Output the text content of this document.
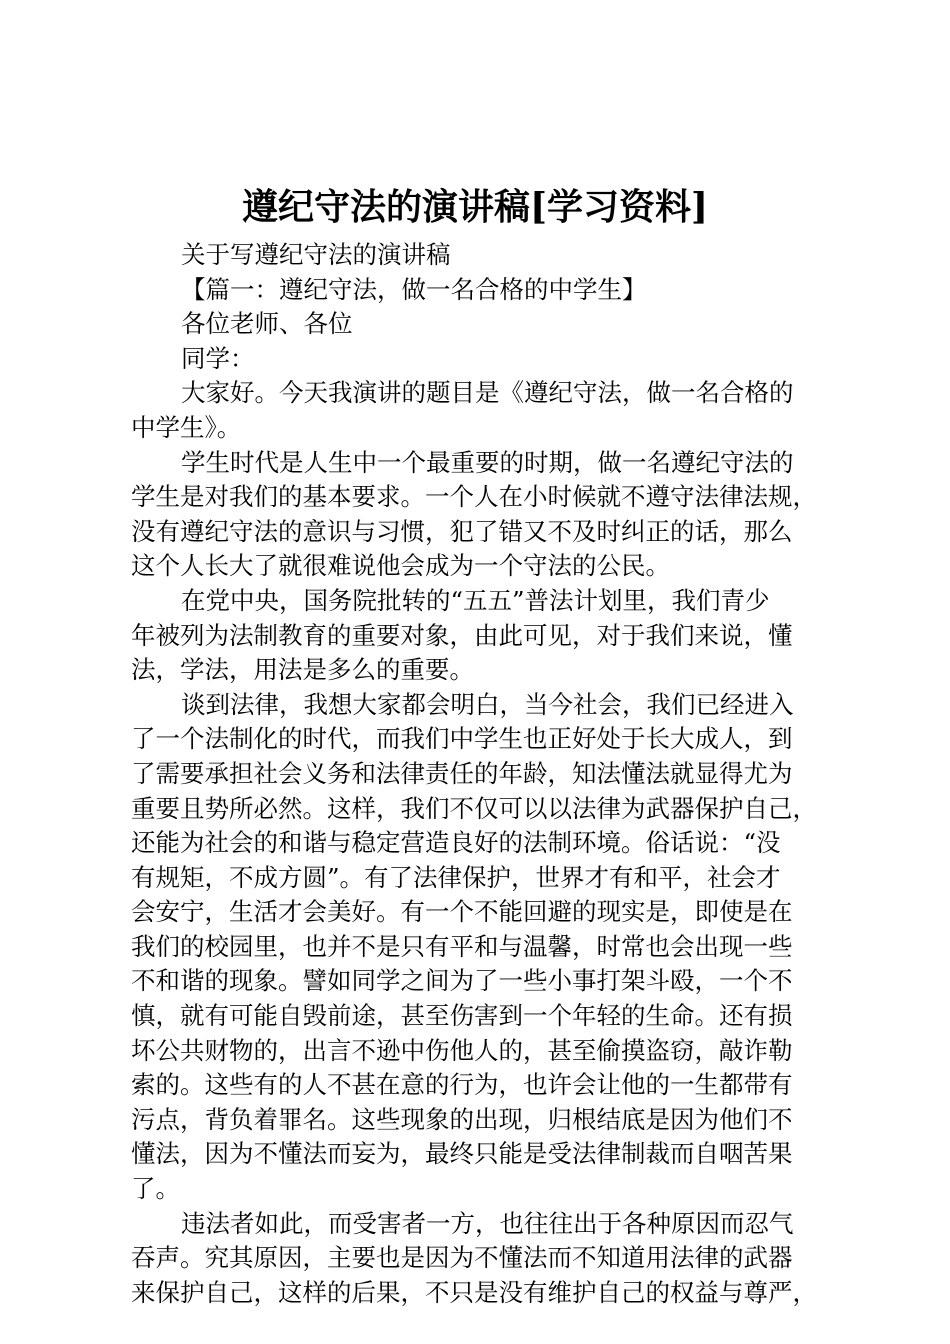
遵纪守法的演讲稿[学习资料]
关于写遵纪守法的演讲稿
【篇一：遵纪守法，做一名合格的中学生】
各位老师、各位
同学：
大家好。今天我演讲的题目是《遵纪守法，做一名合格的
中学生》。
学生时代是人生中一个最重要的时期，做一名遵纪守法的
学生是对我们的基本要求。一个人在小时候就不遵守法律法规，
没有遵纪守法的意识与习惯，犯了错又不及时纠正的话，那么
这个人长大了就很难说他会成为一个守法的公民。
在党中央，国务院批转的“五五”普法计划里，我们青少
年被列为法制教育的重要对象，由此可见，对于我们来说，懂
法，学法，用法是多么的重要。
谈到法律，我想大家都会明白，当今社会，我们已经进入
了一个法制化的时代，而我们中学生也正好处于长大成人，到
了需要承担社会义务和法律责任的年龄，知法懂法就显得尤为
重要且势所必然。这样，我们不仅可以以法律为武器保护自己，
还能为社会的和谐与稳定营造良好的法制环境。俗话说：“没
有规矩，不成方圆”。有了法律保护，世界才有和平，社会才
会安宁，生活才会美好。有一个不能回避的现实是，即使是在
我们的校园里，也并不是只有平和与温馨，时常也会出现一些
不和谐的现象。譬如同学之间为了一些小事打架斗殴，一个不
慎，就有可能自毁前途，甚至伤害到一个年轻的生命。还有损
坏公共财物的，出言不逊中伤他人的，甚至偷摸盗窃，敲诈勒
索的。这些有的人不甚在意的行为，也许会让他的一生都带有
污点，背负着罪名。这些现象的出现，归根结底是因为他们不
懂法，因为不懂法而妄为，最终只能是受法律制裁而自咽苦果
了。
违法者如此，而受害者一方，也往往出于各种原因而忍气
吞声。究其原因，主要也是因为不懂法而不知道用法律的武器
来保护自己，这样的后果，不只是没有维护自己的权益与尊严，
